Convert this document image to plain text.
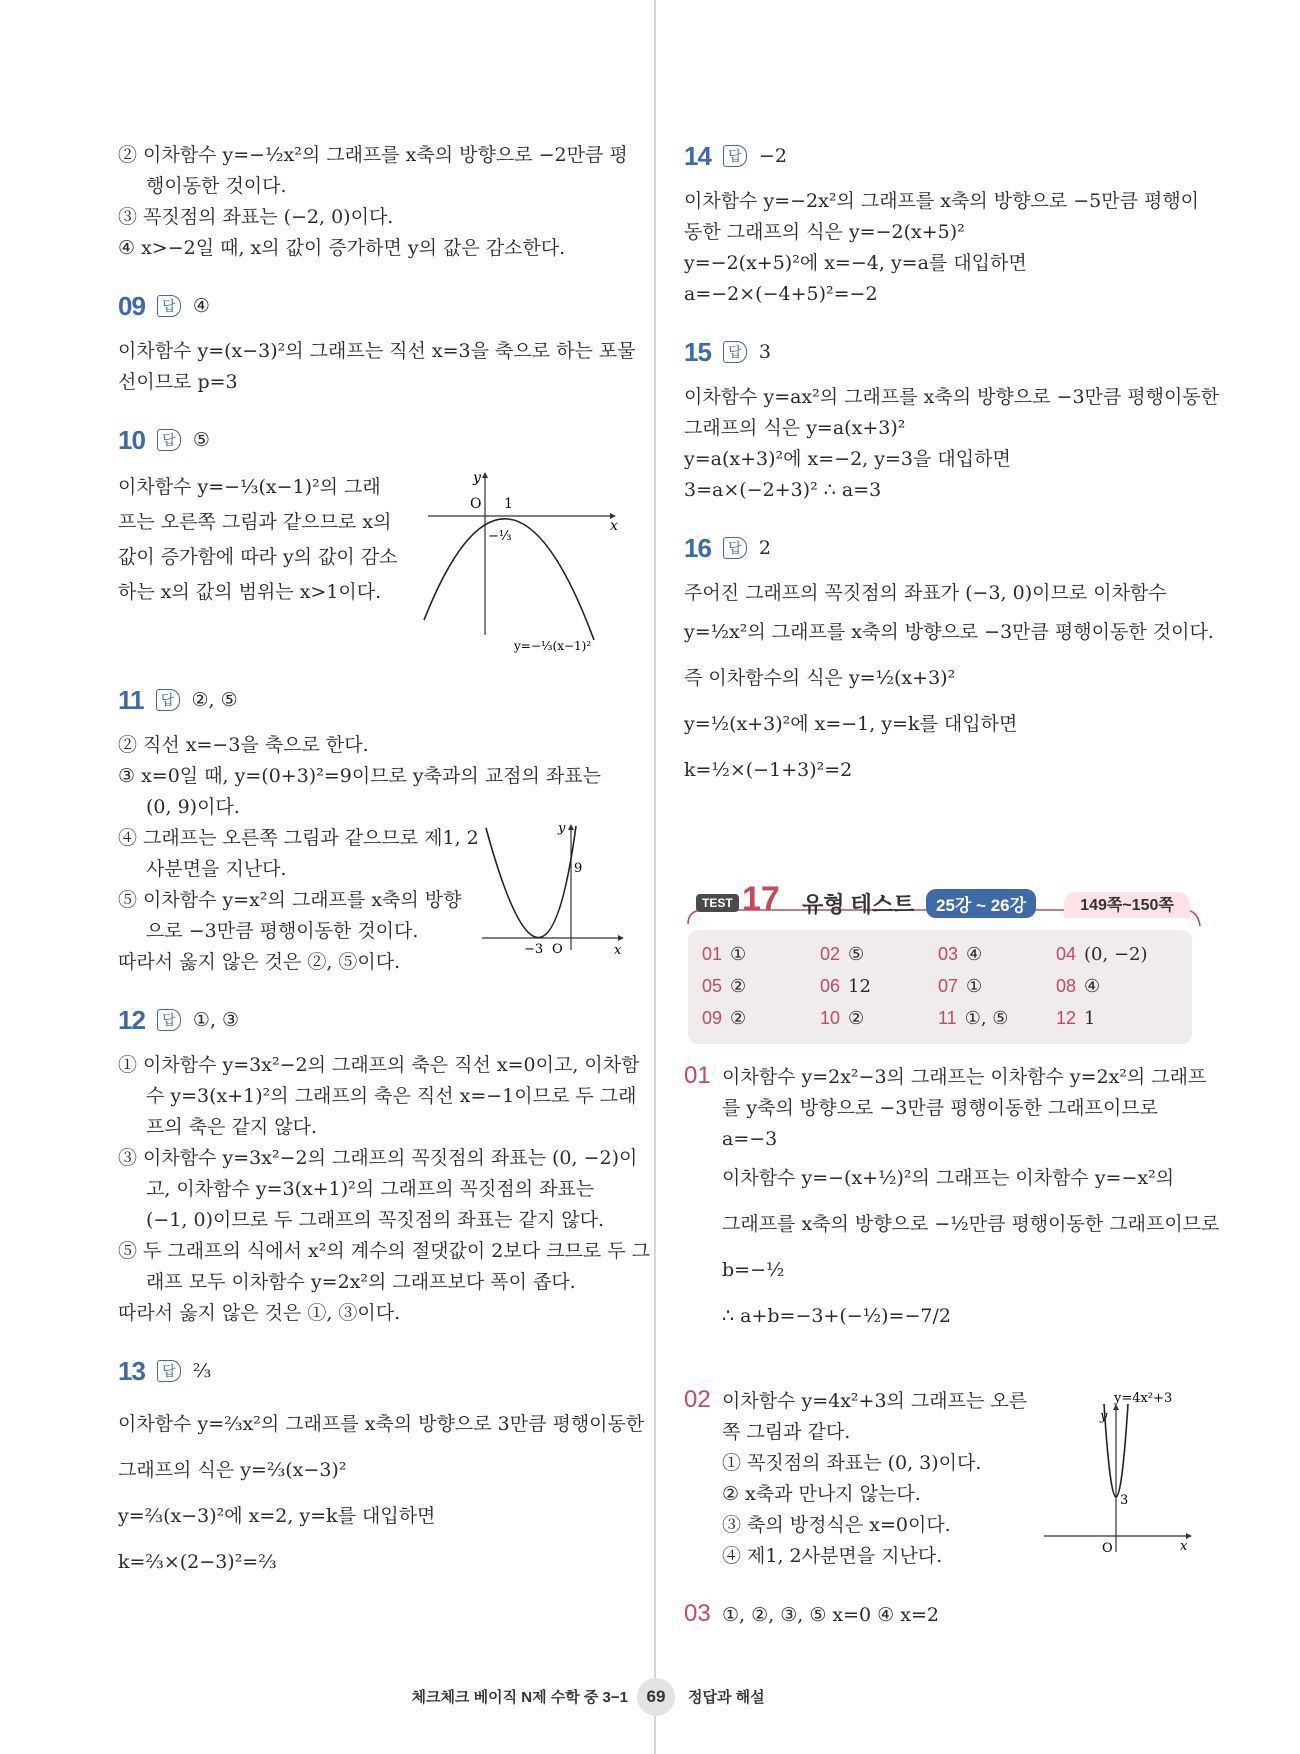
② 이차함수 y=−½x²의 그래프를 x축의 방향으로 −2만큼 평
행이동한 것이다.
③ 꼭짓점의 좌표는 (−2, 0)이다.
④ x>−2일 때, x의 값이 증가하면 y의 값은 감소한다.
09	답 ④
이차함수 y=(x−3)²의 그래프는 직선 x=3을 축으로 하는 포물
선이므로 p=3
10	답 ⑤
이차함수 y=−⅓(x−1)²의 그래
프는 오른쪽 그림과 같으므로 x의
값이 증가함에 따라 y의 값이 감소
하는 x의 값의 범위는 x>1이다.
O 1
x
y
−⅓
y=−⅓(x−1)²
11	답 ②, ⑤
② 직선 x=−3을 축으로 한다.
③ x=0일 때, y=(0+3)²=9이므로 y축과의 교점의 좌표는
(0, 9)이다.
④ 그래프는 오른쪽 그림과 같으므로 제1, 2
사분면을 지난다.
⑤ 이차함수 y=x²의 그래프를 x축의 방향
으로 −3만큼 평행이동한 것이다.
따라서 옳지 않은 것은 ②, ⑤이다.
O
−3
9
x
y
12	답 ①, ③
① 이차함수 y=3x²−2의 그래프의 축은 직선 x=0이고, 이차함
수 y=3(x+1)²의 그래프의 축은 직선 x=−1이므로 두 그래
프의 축은 같지 않다.
③ 이차함수 y=3x²−2의 그래프의 꼭짓점의 좌표는 (0, −2)이
고, 이차함수 y=3(x+1)²의 그래프의 꼭짓점의 좌표는
(−1, 0)이므로 두 그래프의 꼭짓점의 좌표는 같지 않다.
⑤ 두 그래프의 식에서 x²의 계수의 절댓값이 2보다 크므로 두 그
래프 모두 이차함수 y=2x²의 그래프보다 폭이 좁다.
따라서 옳지 않은 것은 ①, ③이다.
13	답 ⅔
이차함수 y=⅔x²의 그래프를 x축의 방향으로 3만큼 평행이동한
그래프의 식은 y=⅔(x−3)²
y=⅔(x−3)²에 x=2, y=k를 대입하면
k=⅔×(2−3)²=⅔
14	답 −2
이차함수 y=−2x²의 그래프를 x축의 방향으로 −5만큼 평행이
동한 그래프의 식은 y=−2(x+5)²
y=−2(x+5)²에 x=−4, y=a를 대입하면
a=−2×(−4+5)²=−2
15	답 3
이차함수 y=ax²의 그래프를 x축의 방향으로 −3만큼 평행이동한
그래프의 식은 y=a(x+3)²
y=a(x+3)²에 x=−2, y=3을 대입하면
3=a×(−2+3)² ∴ a=3
16	답 2
주어진 그래프의 꼭짓점의 좌표가 (−3, 0)이므로 이차함수
y=½x²의 그래프를 x축의 방향으로 −3만큼 평행이동한 것이다.
즉 이차함수의 식은 y=½(x+3)²
y=½(x+3)²에 x=−1, y=k를 대입하면
k=½×(−1+3)²=2
TEST 17 유형 테스트	25강 ~ 26강	149쪽~150쪽
01 ①	02 ⑤	03 ④	04 (0, −2)
05 ②	06 12	07 ①	08 ④
09 ②	10 ②	11 ①, ⑤	12 1
01 이차함수 y=2x²−3의 그래프는 이차함수 y=2x²의 그래프
를 y축의 방향으로 −3만큼 평행이동한 그래프이므로
a=−3
이차함수 y=−(x+½)²의 그래프는 이차함수 y=−x²의
그래프를 x축의 방향으로 −½만큼 평행이동한 그래프이므로
b=−½
∴ a+b=−3+(−½)=−7/2
02 이차함수 y=4x²+3의 그래프는 오른
쪽 그림과 같다.
① 꼭짓점의 좌표는 (0, 3)이다.
② x축과 만나지 않는다.
③ 축의 방정식은 x=0이다.
④ 제1, 2사분면을 지난다.
y=4x²+3
y
3
O	x
03 ①, ②, ③, ⑤ x=0 ④ x=2
체크체크 베이직 N제 수학 중 3−1	69	정답과 해설
